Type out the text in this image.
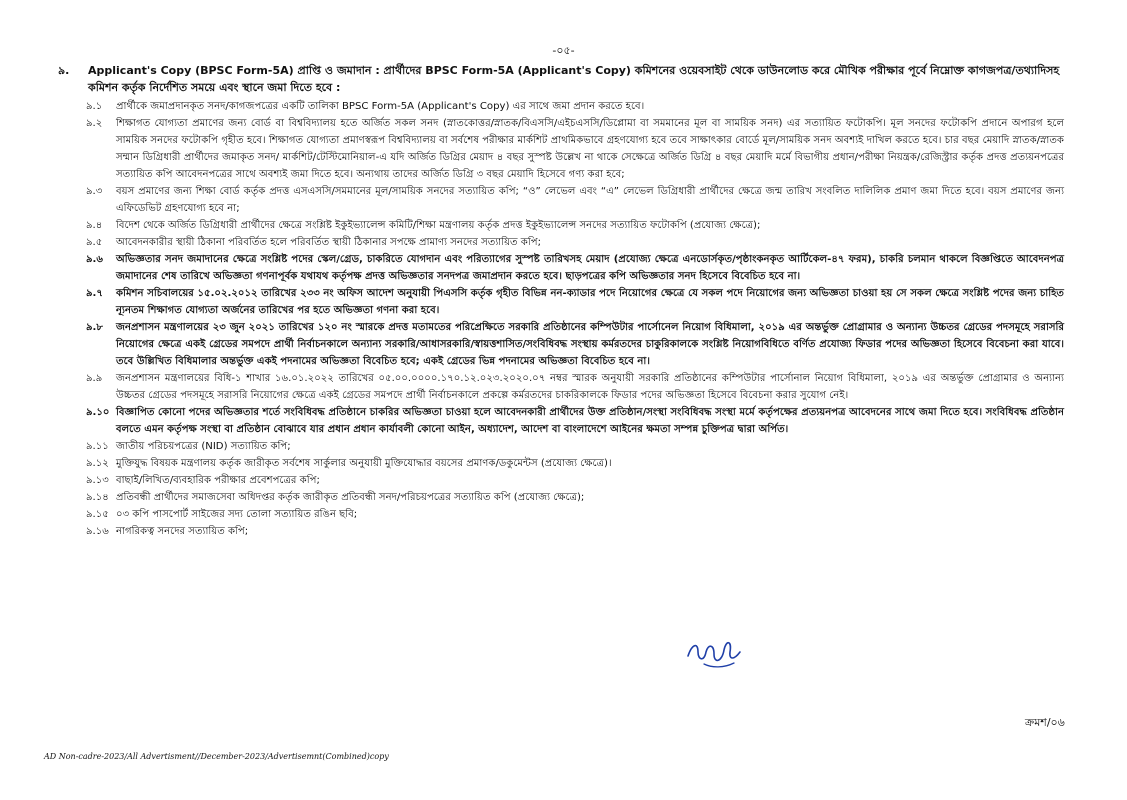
-০৫-
৯. Applicant's Copy (BPSC Form-5A) প্রাপ্তি ও জমাদান : প্রার্থীদের BPSC Form-5A (Applicant's Copy) কমিশনের ওয়েবসাইট থেকে ডাউনলোড করে মৌখিক পরীক্ষার পূর্বে নিম্নোক্ত কাগজপত্র/তথ্যাদিসহ কমিশন কর্তৃক নির্দেশিত সময়ে এবং স্থানে জমা দিতে হবে :
৯.১	প্রার্থীকে জমাপ্রদানকৃত সনদ/কাগজপত্রের একটি তালিকা BPSC Form-5A (Applicant's Copy) এর সাথে জমা প্রদান করতে হবে।
৯.২	শিক্ষাগত যোগ্যতা প্রমাণের জন্য বোর্ড বা বিশ্ববিদ্যালয় হতে অর্জিত সকল সনদ (স্নাতকোত্তর/স্নাতক/বিএসসি/এইচএসসি/ডিপ্লোমা বা সমমানের মূল বা সাময়িক সনদ) এর সত্যায়িত ফটোকপি। মূল সনদের ফটোকপি প্রদানে অপারগ হলে সাময়িক সনদের ফটোকপি গৃহীত হবে। শিক্ষাগত যোগ্যতা প্রমাণস্বরূপ বিশ্ববিদ্যালয় বা সর্বশেষ পরীক্ষার মার্কশিট প্রাথমিকভাবে গ্রহণযোগ্য হবে তবে সাক্ষাৎকার বোর্ডে মূল/সাময়িক সনদ অবশ্যই দাখিল করতে হবে। চার বছর মেয়াদি স্নাতক/স্নাতক সম্মান ডিগ্রিধারী প্রার্থীদের জমাকৃত সনদ/ মার্কশিট/টেস্টিমোনিয়াল-এ যদি অর্জিত ডিগ্রির মেয়াদ ৪ বছর সুস্পষ্ট উল্লেখ না থাকে সেক্ষেত্রে অর্জিত ডিগ্রি ৪ বছর মেয়াদি মর্মে বিভাগীয় প্রধান/পরীক্ষা নিয়ন্ত্রক/রেজিস্ট্রার কর্তৃক প্রদত্ত প্রত্যয়নপত্রের সত্যায়িত কপি আবেদনপত্রের সাথে অবশ্যই জমা দিতে হবে। অন্যথায় তাদের অর্জিত ডিগ্রি ৩ বছর মেয়াদি হিসেবে গণ্য করা হবে;
৯.৩	বয়স প্রমাণের জন্য শিক্ষা বোর্ড কর্তৃক প্রদত্ত এসএসসি/সমমানের মূল/সাময়িক সনদের সত্যায়িত কপি; “ও” লেভেল এবং “এ” লেভেল ডিগ্রিধারী প্রার্থীদের ক্ষেত্রে জন্ম তারিখ সংবলিত দালিলিক প্রমাণ জমা দিতে হবে। বয়স প্রমাণের জন্য এফিডেভিট গ্রহণযোগ্য হবে না;
৯.৪	বিদেশ থেকে অর্জিত ডিগ্রিধারী প্রার্থীদের ক্ষেত্রে সংশ্লিষ্ট ইকুইভ্যালেন্স কমিটি/শিক্ষা মন্ত্রণালয় কর্তৃক প্রদত্ত ইকুইভ্যালেন্স সনদের সত্যায়িত ফটোকপি (প্রযোজ্য ক্ষেত্রে);
৯.৫	আবেদনকারীর স্থায়ী ঠিকানা পরিবর্তিত হলে পরিবর্তিত স্থায়ী ঠিকানার সপক্ষে প্রামাণ্য সনদের সত্যায়িত কপি;
৯.৬	অভিজ্ঞতার সনদ জমাদানের ক্ষেত্রে সংশ্লিষ্ট পদের স্কেল/গ্রেড, চাকরিতে যোগদান এবং পরিত্যাগের সুস্পষ্ট তারিখসহ মেয়াদ (প্রযোজ্য ক্ষেত্রে এনডোর্সকৃত/পৃষ্ঠাংকনকৃত আর্টিকেল-৪৭ ফরম), চাকরি চলমান থাকলে বিজ্ঞপ্তিতে আবেদনপত্র জমাদানের শেষ তারিখে অভিজ্ঞতা গণনাপূর্বক যথাযথ কর্তৃপক্ষ প্রদত্ত অভিজ্ঞতার সনদপত্র জমাপ্রদান করতে হবে। ছাড়পত্রের কপি অভিজ্ঞতার সনদ হিসেবে বিবেচিত হবে না।
৯.৭	কমিশন সচিবালয়ের ১৫.০২.২০১২ তারিখের ২৩৩ নং অফিস আদেশ অনুযায়ী পিএসসি কর্তৃক গৃহীত বিভিন্ন নন-ক্যাডার পদে নিয়োগের ক্ষেত্রে যে সকল পদে নিয়োগের জন্য অভিজ্ঞতা চাওয়া হয় সে সকল ক্ষেত্রে সংশ্লিষ্ট পদের জন্য চাহিত ন্যূনতম শিক্ষাগত যোগ্যতা অর্জনের তারিখের পর হতে অভিজ্ঞতা গণনা করা হবে।
৯.৮	জনপ্রশাসন মন্ত্রণালয়ের ২৩ জুন ২০২১ তারিখের ১২০ নং স্মারকে প্রদত্ত মতামতের পরিপ্রেক্ষিতে সরকারি প্রতিষ্ঠানের কম্পিউটার পার্সোনেল নিয়োগ বিধিমালা, ২০১৯ এর অন্তর্ভুক্ত প্রোগ্রামার ও অন্যান্য উচ্চতর গ্রেডের পদসমূহে সরাসরি নিয়োগের ক্ষেত্রে একই গ্রেডের সমপদে প্রার্থী নির্বাচনকালে অন্যান্য সরকারি/আধাসরকারি/স্বায়ত্তশাসিত/সংবিধিবদ্ধ সংস্থায় কর্মরতদের চাকুরিকালকে সংশ্লিষ্ট নিয়োগবিধিতে বর্ণিত প্রযোজ্য ফিডার পদের অভিজ্ঞতা হিসেবে বিবেচনা করা যাবে। তবে উল্লিখিত বিধিমালার অন্তর্ভুক্ত একই পদনামের অভিজ্ঞতা বিবেচিত হবে; একই গ্রেডের ভিন্ন পদনামের অভিজ্ঞতা বিবেচিত হবে না।
৯.৯	জনপ্রশাসন মন্ত্রণালয়ের বিধি-১ শাখার ১৬.০১.২০২২ তারিখের ০৫.০০.০০০০.১৭০.১২.০২৩.২০২০.০৭ নম্বর স্মারক অনুযায়ী সরকারি প্রতিষ্ঠানের কম্পিউটার পার্সোনাল নিয়োগ বিধিমালা, ২০১৯ এর অন্তর্ভুক্ত প্রোগ্রামার ও অন্যান্য উচ্চতর গ্রেডের পদসমূহে সরাসরি নিয়োগের ক্ষেত্রে একই গ্রেডের সমপদে প্রার্থী নির্বাচনকালে প্রকল্পে কর্মরতদের চাকরিকালকে ফিডার পদের অভিজ্ঞতা হিসেবে বিবেচনা করার সুযোগ নেই।
৯.১০ বিজ্ঞাপিত কোনো পদের অভিজ্ঞতার শর্তে সংবিধিবদ্ধ প্রতিষ্ঠানে চাকরির অভিজ্ঞতা চাওয়া হলে আবেদনকারী প্রার্থীদের উক্ত প্রতিষ্ঠান/সংস্থা সংবিধিবদ্ধ সংস্থা মর্মে কর্তৃপক্ষের প্রত্যয়নপত্র আবেদনের সাথে জমা দিতে হবে। সংবিধিবদ্ধ প্রতিষ্ঠান বলতে এমন কর্তৃপক্ষ সংস্থা বা প্রতিষ্ঠান বোঝাবে যার প্রধান প্রধান কার্যাবলী কোনো আইন, অধ্যাদেশ, আদেশ বা বাংলাদেশে আইনের ক্ষমতা সম্পন্ন চুক্তিপত্র দ্বারা অর্পিত।
৯.১১ জাতীয় পরিচয়পত্রের (NID) সত্যায়িত কপি;
৯.১২ মুক্তিযুদ্ধ বিষয়ক মন্ত্রণালয় কর্তৃক জারীকৃত সর্বশেষ সার্কুলার অনুযায়ী মুক্তিযোদ্ধার বয়সের প্রমাণক/ডকুমেন্টস (প্রযোজ্য ক্ষেত্রে)।
৯.১৩ বাছাই/লিখিত/ব্যবহারিক পরীক্ষার প্রবেশপত্রের কপি;
৯.১৪ প্রতিবন্ধী প্রার্থীদের সমাজসেবা অধিদপ্তর কর্তৃক জারীকৃত প্রতিবন্ধী সনদ/পরিচয়পত্রের সত্যায়িত কপি (প্রযোজ্য ক্ষেত্রে);
৯.১৫ ০৩ কপি পাসপোর্ট সাইজের সদ্য তোলা সত্যায়িত রঙিন ছবি;
৯.১৬ নাগরিকত্ব সনদের সত্যায়িত কপি;
ক্রমশ/০৬
AD Non-cadre-2023/All Advertisment//December-2023/Advertisemnt(Combined)copy
